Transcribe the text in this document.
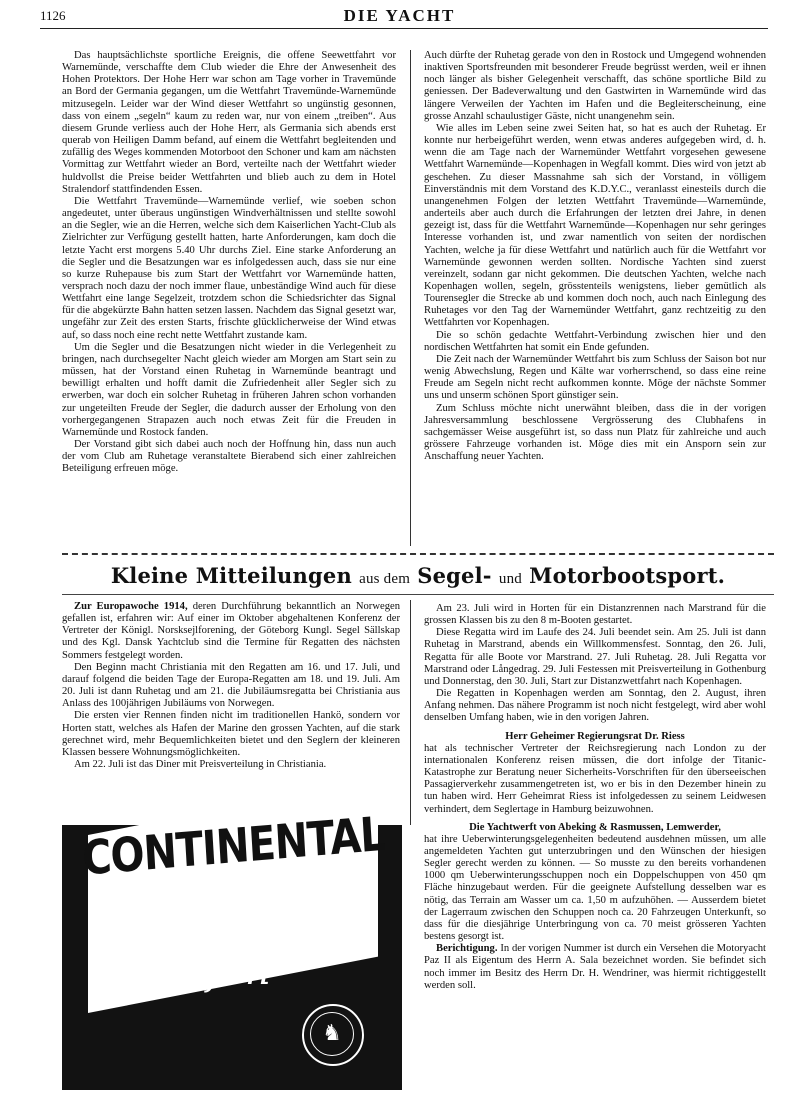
1126	DIE YACHT

Das hauptsächlichste sportliche Ereignis, die offene Seewettfahrt vor Warnemünde, verschaffte dem Club wieder die Ehre der Anwesenheit des Hohen Protektors. Der Hohe Herr war schon am Tage vorher in Travemünde an Bord der Germania gegangen, um die Wettfahrt Travemünde-Warnemünde mitzusegeln. Leider war der Wind dieser Wettfahrt so ungünstig gesonnen, dass von einem „segeln“ kaum zu reden war, nur von einem „treiben“. Aus diesem Grunde verliess auch der Hohe Herr, als Germania sich abends erst querab von Heiligen Damm befand, auf einem die Wettfahrt begleitenden und zufällig des Weges kommenden Motorboot den Schoner und kam am nächsten Vormittag zur Wettfahrt wieder an Bord, verteilte nach der Wettfahrt wieder huldvollst die Preise beider Wettfahrten und blieb auch zu dem in Hotel Stralendorf stattfindenden Essen.

Die Wettfahrt Travemünde—Warnemünde verlief, wie soeben schon angedeutet, unter überaus ungünstigen Windverhältnissen und stellte sowohl an die Segler, wie an die Herren, welche sich dem Kaiserlichen Yacht-Club als Zielrichter zur Verfügung gestellt hatten, harte Anforderungen, kam doch die letzte Yacht erst morgens 5.40 Uhr durchs Ziel. Eine starke Anforderung an die Segler und die Besatzungen war es infolgedessen auch, dass sie nur eine so kurze Ruhepause bis zum Start der Wettfahrt vor Warnemünde hatten, versprach noch dazu der noch immer flaue, unbeständige Wind auch für diese Wettfahrt eine lange Segelzeit, trotzdem schon die Schiedsrichter das Signal für die abgekürzte Bahn hatten setzen lassen. Nachdem das Signal gesetzt war, ungefähr zur Zeit des ersten Starts, frischte glücklicherweise der Wind etwas auf, so dass noch eine recht nette Wettfahrt zustande kam.

Um die Segler und die Besatzungen nicht wieder in die Verlegenheit zu bringen, nach durchsegelter Nacht gleich wieder am Morgen am Start sein zu müssen, hat der Vorstand einen Ruhetag in Warnemünde beantragt und bewilligt erhalten und hofft damit die Zufriedenheit aller Segler sich zu erwerben, war doch ein solcher Ruhetag in früheren Jahren schon vorhanden zur ungeteilten Freude der Segler, die dadurch ausser der Erholung von den vorhergegangenen Strapazen auch noch etwas Zeit für die Freuden in Warnemünde und Rostock fanden.

Der Vorstand gibt sich dabei auch noch der Hoffnung hin, dass nun auch der vom Club am Ruhetage veranstaltete Bierabend sich einer zahlreichen Beteiligung erfreuen möge.

Auch dürfte der Ruhetag gerade von den in Rostock und Umgegend wohnenden inaktiven Sportsfreunden mit besonderer Freude begrüsst werden, weil er ihnen noch länger als bisher Gelegenheit verschafft, das schöne sportliche Bild zu geniessen. Der Badeverwaltung und den Gastwirten in Warnemünde wird das längere Verweilen der Yachten im Hafen und die Begleiterscheinung, eine grosse Anzahl schaulustiger Gäste, nicht unangenehm sein.

Wie alles im Leben seine zwei Seiten hat, so hat es auch der Ruhetag. Er konnte nur herbeigeführt werden, wenn etwas anderes aufgegeben wird, d. h. wenn die am Tage nach der Warnemünder Wettfahrt vorgesehen gewesene Wettfahrt Warnemünde—Kopenhagen in Wegfall kommt. Dies wird von jetzt ab geschehen. Zu dieser Massnahme sah sich der Vorstand, in völligem Einverständnis mit dem Vorstand des K.D.Y.C., veranlasst einesteils durch die unangenehmen Folgen der letzten Wettfahrt Travemünde—Warnemünde, anderteils aber auch durch die Erfahrungen der letzten drei Jahre, in denen gezeigt ist, dass für die Wettfahrt Warnemünde—Kopenhagen nur sehr geringes Interesse vorhanden ist, und zwar namentlich von seiten der nordischen Yachten, welche ja für diese Wettfahrt und natürlich auch für die Wettfahrt vor Warnemünde gewonnen werden sollten. Nordische Yachten sind zuerst vereinzelt, sodann gar nicht gekommen. Die deutschen Yachten, welche nach Kopenhagen wollen, segeln, grösstenteils wenigstens, lieber gemütlich als Tourensegler die Strecke ab und kommen doch noch, auch nach Einlegung des Ruhetages vor den Tag der Warnemünder Wettfahrt, ganz rechtzeitig zu den Wettfahrten vor Kopenhagen.

Die so schön gedachte Wettfahrt-Verbindung zwischen hier und den nordischen Wettfahrten hat somit ein Ende gefunden.

Die Zeit nach der Warnemünder Wettfahrt bis zum Schluss der Saison bot nur wenig Abwechslung, Regen und Kälte war vorherrschend, so dass eine reine Freude am Segeln nicht recht aufkommen konnte. Möge der nächste Sommer uns und unserm schönen Sport günstiger sein.

Zum Schluss möchte nicht unerwähnt bleiben, dass die in der vorigen Jahresversammlung beschlossene Vergrösserung des Clubhafens in sachgemässer Weise ausgeführt ist, so dass nun Platz für zahlreiche und auch grössere Fahrzeuge vorhanden ist. Möge dies mit ein Ansporn sein zur Anschaffung neuer Yachten.

Kleine Mitteilungen aus dem Segel- und Motorbootsport.

Zur Europawoche 1914, deren Durchführung bekanntlich an Norwegen gefallen ist, erfahren wir: Auf einer im Oktober abgehaltenen Konferenz der Vertreter der Königl. Norsksejlforening, der Göteborg Kungl. Segel Sällskap und des Kgl. Dansk Yachtclub sind die Termine für Regatten des nächsten Sommers festgelegt worden.

Den Beginn macht Christiania mit den Regatten am 16. und 17. Juli, und darauf folgend die beiden Tage der Europa-Regatten am 18. und 19. Juli. Am 20. Juli ist dann Ruhetag und am 21. die Jubiläumsregatta bei Christiania aus Anlass des 100jährigen Jubiläums von Norwegen.

Die ersten vier Rennen finden nicht im traditionellen Hankö, sondern vor Horten statt, welches als Hafen der Marine den grossen Yachten, auf die stark gerechnet wird, mehr Bequemlichkeiten bietet und den Seglern der kleineren Klassen bessere Wohnungsmöglichkeiten.

Am 22. Juli ist das Diner mit Preisverteilung in Christiania.

Am 23. Juli wird in Horten für ein Distanzrennen nach Marstrand für die grossen Klassen bis zu den 8 m-Booten gestartet.

Diese Regatta wird im Laufe des 24. Juli beendet sein. Am 25. Juli ist dann Ruhetag in Marstrand, abends ein Willkommensfest. Sonntag, den 26. Juli, Regatta für alle Boote vor Marstrand. 27. Juli Ruhetag. 28. Juli Regatta vor Marstrand oder Långedrag. 29. Juli Festessen mit Preisverteilung in Gothenburg und Donnerstag, den 30. Juli, Start zur Distanzwettfahrt nach Kopenhagen.

Die Regatten in Kopenhagen werden am Sonntag, den 2. August, ihren Anfang nehmen. Das nähere Programm ist noch nicht festgelegt, wird aber wohl denselben Umfang haben, wie in den vorigen Jahren.

Herr Geheimer Regierungsrat Dr. Riess

hat als technischer Vertreter der Reichsregierung nach London zu der internationalen Konferenz reisen müssen, die dort infolge der Titanic-Katastrophe zur Beratung neuer Sicherheits-Vorschriften für den überseeischen Passagierverkehr zusammengetreten ist, wo er bis in den Dezember hinein zu tun haben wird. Herr Geheimrat Riess ist infolgedessen zu seinem Leidwesen verhindert, dem Seglertage in Hamburg beizuwohnen.

Die Yachtwerft von Abeking & Rasmussen, Lemwerder,

hat ihre Ueberwinterungsgelegenheiten bedeutend ausdehnen müssen, um alle angemeldeten Yachten gut unterzubringen und den Wünschen der hiesigen Segler gerecht werden zu können. — So musste zu den bereits vorhandenen 1000 qm Ueberwinterungsschuppen noch ein Doppelschuppen von 450 qm Fläche hinzugebaut werden. Für die geeignete Aufstellung desselben war es nötig, das Terrain am Wasser um ca. 1,50 m aufzuhöhen. — Ausserdem bietet der Lagerraum zwischen den Schuppen noch ca. 20 Fahrzeugen Unterkunft, so dass für die diesjährige Unterbringung von ca. 70 meist grösseren Yachten bestens gesorgt ist.

Berichtigung. In der vorigen Nummer ist durch ein Versehen die Motoryacht Paz II als Eigentum des Herrn A. Sala bezeichnet worden. Sie befindet sich noch immer im Besitz des Herrn Dr. H. Wendriner, was hiermit richtiggestellt werden soll.

CONTINENTAL
Bester
Reifen
♞
